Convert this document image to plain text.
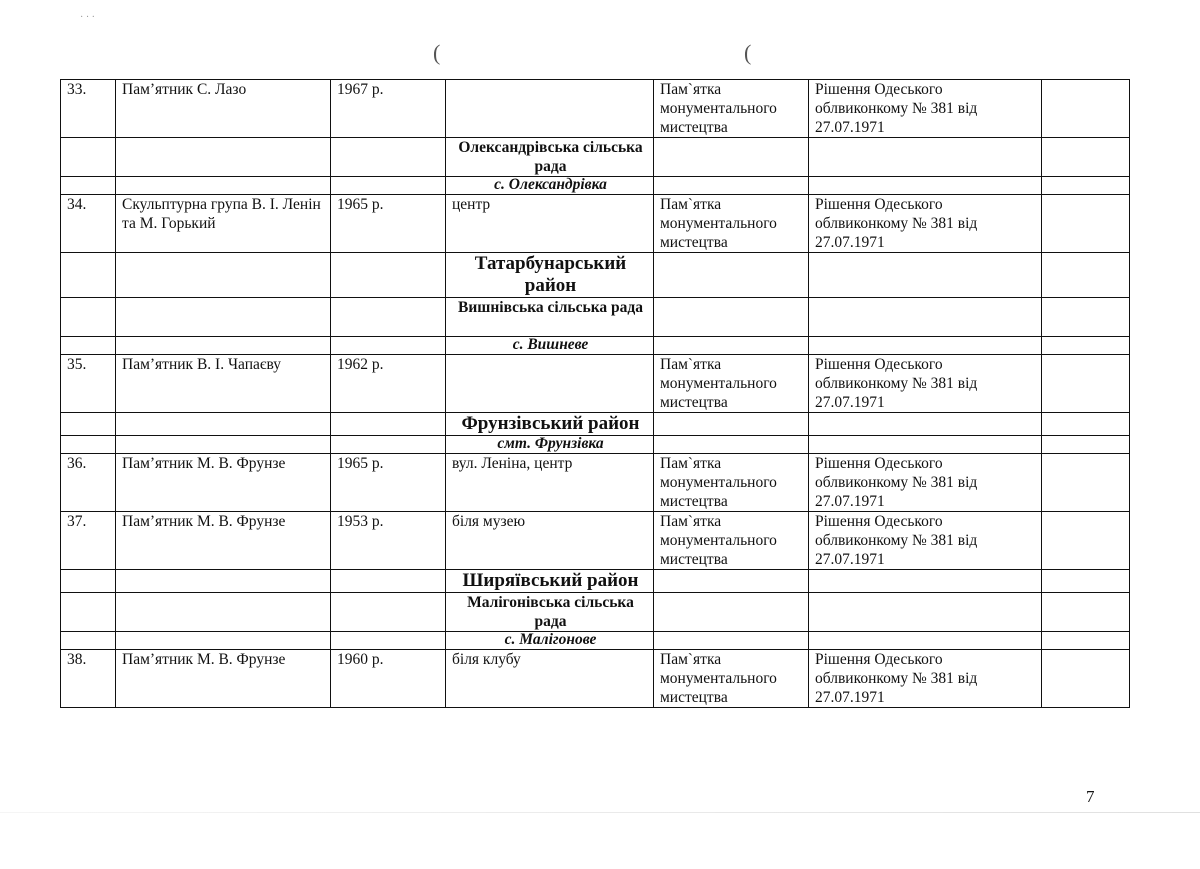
· · ·
(	(
33.	Пам’ятник С. Лазо	1967 р.		Пам`ятка монументального мистецтва	Рішення Одеського облвиконкому № 381 від 27.07.1971	
			Олександрівська сільська рада			
			с. Олександрівка			
34.	Скульптурна група В. І. Ленін та М. Горький	1965 р.	центр	Пам`ятка монументального мистецтва	Рішення Одеського облвиконкому № 381 від 27.07.1971	
			Татарбунарський район			
			Вишнівська сільська рада			
			с. Вишневе			
35.	Пам’ятник В. І. Чапаєву	1962 р.		Пам`ятка монументального мистецтва	Рішення Одеського облвиконкому № 381 від 27.07.1971	
			Фрунзівський район			
			смт. Фрунзівка			
36.	Пам’ятник М. В. Фрунзе	1965 р.	вул. Леніна, центр	Пам`ятка монументального мистецтва	Рішення Одеського облвиконкому № 381 від 27.07.1971	
37.	Пам’ятник М. В. Фрунзе	1953 р.	біля музею	Пам`ятка монументального мистецтва	Рішення Одеського облвиконкому № 381 від 27.07.1971	
			Ширяївський район			
			Малігонівська сільська рада			
			с. Малігонове			
38.	Пам’ятник М. В. Фрунзе	1960 р.	біля клубу	Пам`ятка монументального мистецтва	Рішення Одеського облвиконкому № 381 від 27.07.1971	
7
